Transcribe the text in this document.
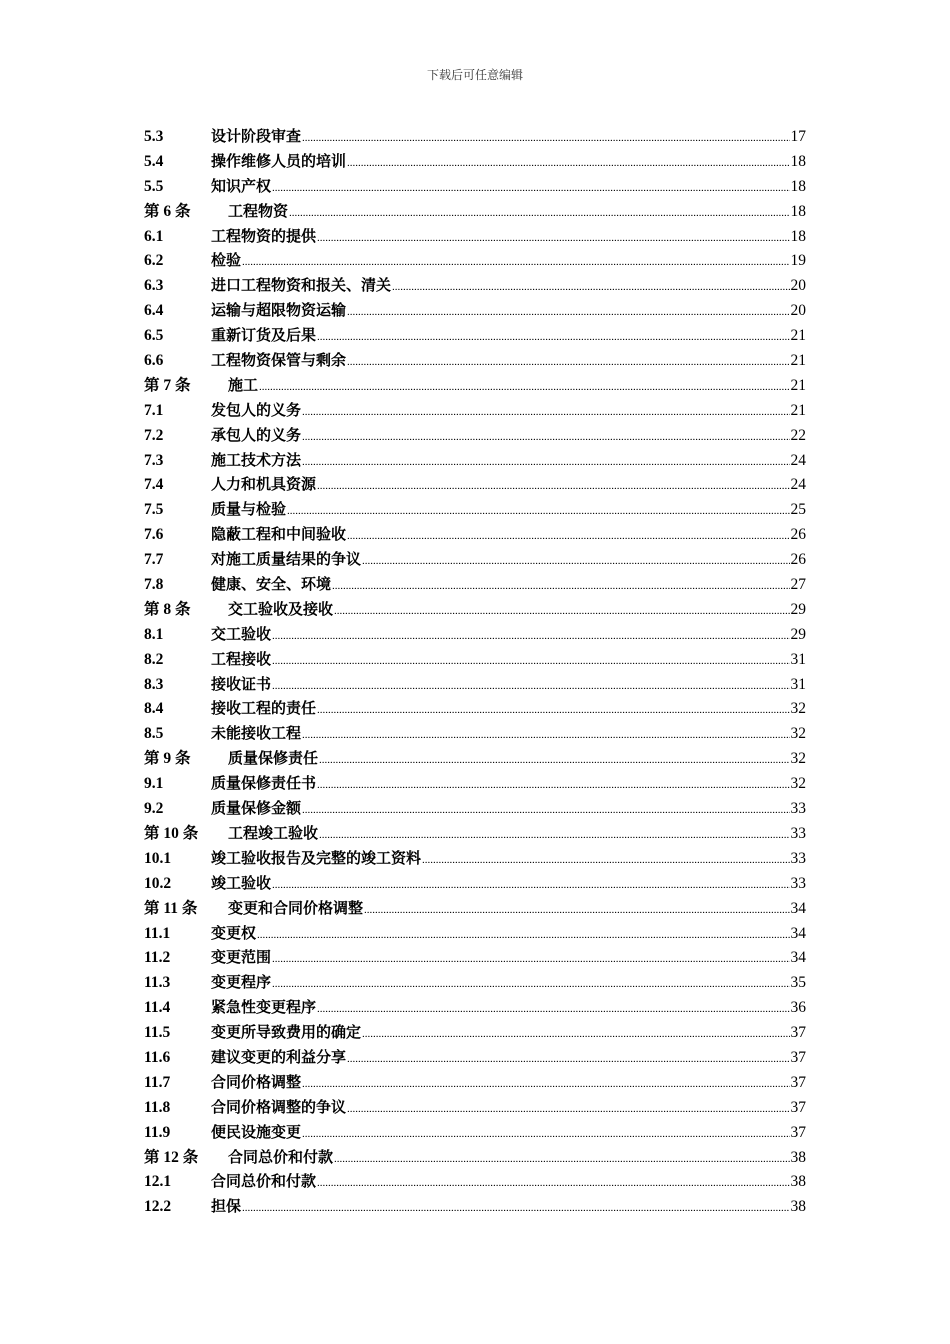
下载后可任意编辑
5.3	设计阶段审查 .....	17
5.4	操作维修人员的培训 .....	18
5.5	知识产权 .....	18
第 6 条	工程物资 .....	18
6.1	工程物资的提供 .....	18
6.2	检验 .....	19
6.3	进口工程物资和报关、清关 .....	20
6.4	运输与超限物资运输 .....	20
6.5	重新订货及后果 .....	21
6.6	工程物资保管与剩余 .....	21
第 7 条	施工 .....	21
7.1	发包人的义务 .....	21
7.2	承包人的义务 .....	22
7.3	施工技术方法 .....	24
7.4	人力和机具资源 .....	24
7.5	质量与检验 .....	25
7.6	隐蔽工程和中间验收 .....	26
7.7	对施工质量结果的争议 .....	26
7.8	健康、安全、环境 .....	27
第 8 条	交工验收及接收 .....	29
8.1	交工验收 .....	29
8.2	工程接收 .....	31
8.3	接收证书 .....	31
8.4	接收工程的责任 .....	32
8.5	未能接收工程 .....	32
第 9 条	质量保修责任 .....	32
9.1	质量保修责任书 .....	32
9.2	质量保修金额 .....	33
第 10 条	工程竣工验收 .....	33
10.1	竣工验收报告及完整的竣工资料 .....	33
10.2	竣工验收 .....	33
第 11 条	变更和合同价格调整 .....	34
11.1	变更权 .....	34
11.2	变更范围 .....	34
11.3	变更程序 .....	35
11.4	紧急性变更程序 .....	36
11.5	变更所导致费用的确定 .....	37
11.6	建议变更的利益分享 .....	37
11.7	合同价格调整 .....	37
11.8	合同价格调整的争议 .....	37
11.9	便民设施变更 .....	37
第 12 条	合同总价和付款 .....	38
12.1	合同总价和付款 .....	38
12.2	担保 .....	38
